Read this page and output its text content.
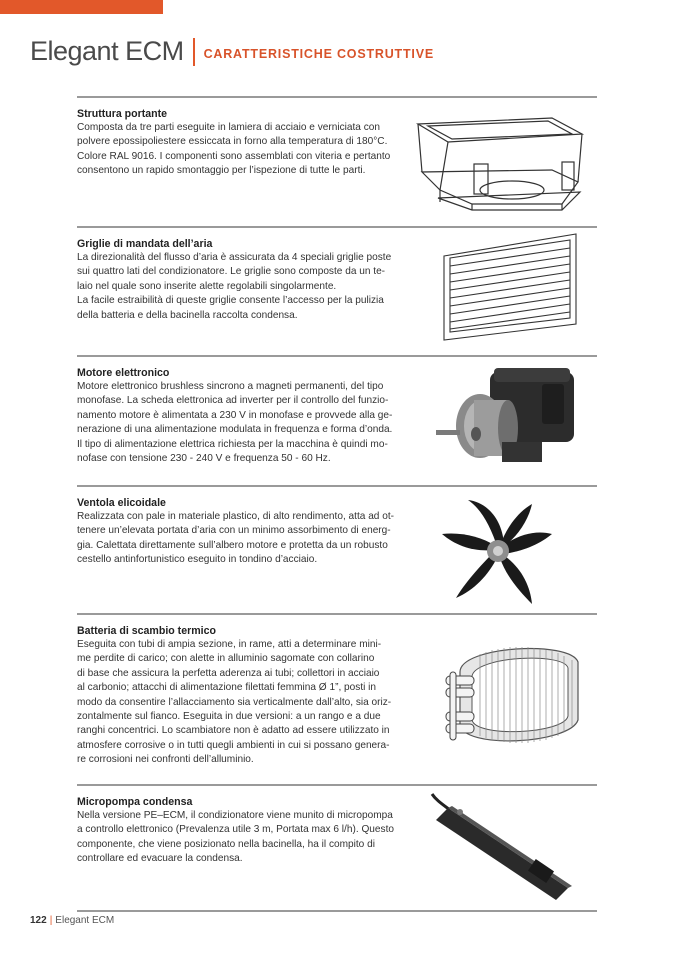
Elegant ECM CARATTERISTICHE COSTRUTTIVE
Struttura portante

Composta da tre parti eseguite in lamiera di acciaio e verniciata con
polvere epossipoliestere essiccata in forno alla temperatura di 180°C.
Colore RAL 9016. I componenti sono assemblati con viteria e pertanto
consentono un rapido smontaggio per l’ispezione di tutte le parti.

Griglie di mandata dell’aria

La direzionalità del flusso d’aria è assicurata da 4 speciali griglie poste
sui quattro lati del condizionatore. Le griglie sono composte da un te-
laio nel quale sono inserite alette regolabili singolarmente.
La facile estraibilità di queste griglie consente l’accesso per la pulizia
della batteria e della bacinella raccolta condensa.

Motore elettronico

Motore elettronico brushless sincrono a magneti permanenti, del tipo
monofase. La scheda elettronica ad inverter per il controllo del funzio-
namento motore è alimentata a 230 V in monofase e provvede alla ge-
nerazione di una alimentazione modulata in frequenza e forma d’onda.
Il tipo di alimentazione elettrica richiesta per la macchina è quindi mo-
nofase con tensione 230 - 240 V e frequenza 50 - 60 Hz.

Ventola elicoidale

Realizzata con pale in materiale plastico, di alto rendimento, atta ad ot-
tenere un’elevata portata d’aria con un minimo assorbimento di energ-
gia. Calettata direttamente sull’albero motore e protetta da un robusto
cestello antinfortunistico eseguito in tondino d’acciaio.

Batteria di scambio termico

Eseguita con tubi di ampia sezione, in rame, atti a determinare mini-
me perdite di carico; con alette in alluminio sagomate con collarino
di base che assicura la perfetta aderenza ai tubi; collettori in acciaio
al carbonio; attacchi di alimentazione filettati femmina Ø 1”, posti in
modo da consentire l’allacciamento sia verticalmente dall’alto, sia oriz-
zontalmente sul fianco. Eseguita in due versioni: a un rango e a due
ranghi concentrici. Lo scambiatore non è adatto ad essere utilizzato in
atmosfere corrosive o in tutti quegli ambienti in cui si possano genera-
re corrosioni nei confronti dell’alluminio.

Micropompa condensa

Nella versione PE–ECM, il condizionatore viene munito di micropompa
a controllo elettronico (Prevalenza utile 3 m, Portata max 6 l/h). Questo
componente, che viene posizionato nella bacinella, ha il compito di
controllare ed evacuare la condensa.

122 | Elegant ECM
